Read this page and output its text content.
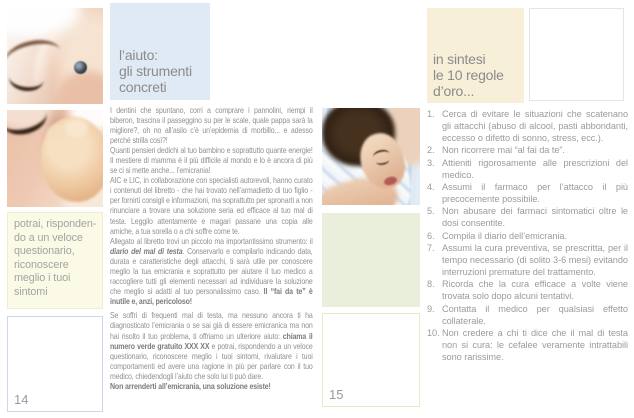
potrai, risponden-
do a un veloce
questionario,
riconoscere
meglio i tuoi
sintomi
14
l’aiuto:
gli strumenti
concreti
I dentini che spuntano, corri a comprare i pannolini, riempi il biberon, trascina il passeggino su per le scale, quale pappa sarà la migliore?, oh no all’asilo c’è un’epidemia di morbillo... e adesso perché strilla così?!
Quanti pensieri dedichi al tuo bambino e soprattutto quante energie! Il mestiere di mamma è il più difficile al mondo e lo è ancora di più se ci si mette anche... l’emicrania!
AIC e LIC, in collaborazione con specialisti autorevoli, hanno curato i contenuti del libretto - che hai trovato nell’armadietto di tuo figlio - per fornirti consigli e informazioni, ma soprattutto per spronarti a non rinunciare a trovare una soluzione seria ed efficace al tuo mal di testa. Leggilo attentamente e magari passane una copia alle amiche, a tua sorella o a chi soffre come te.
Allegato al libretto trovi un piccolo ma importantissimo strumento: il diario del mal di testa. Conservarlo e compilarlo indicando data, durata e caratteristiche degli attacchi, ti sarà utile per conoscere meglio la tua emicrania e soprattutto per aiutare il tuo medico a raccogliere tutti gli elementi necessari ad individuare la soluzione che meglio si adatti al tuo personalissimo caso. Il “fai da te” è inutile e, anzi, pericoloso!
Se soffri di frequenti mal di testa, ma nessuno ancora ti ha diagnosticato l’emicrania o se sai già di essere emicranica ma non hai risolto il tuo problema, ti offriamo un ulteriore aiuto: chiama il numero verde gratuito XXX XX e potrai, rispondendo a un veloce questionario, riconoscere meglio i tuoi sintomi, rivalutare i tuoi comportamenti ed avere una ragione in più per parlare con il tuo medico, chiedendogli l’aiuto che solo lui ti può dare.
Non arrenderti all’emicrania, una soluzione esiste!
in sintesi
le 10 regole
d’oro...
15
1. Cerca di evitare le situazioni che scatenano gli attacchi (abuso di alcool, pasti abbondanti, eccesso o difetto di sonno, stress, ecc.).
2. Non ricorrere mai “al fai da te”.
3. Attieniti rigorosamente alle prescrizioni del medico.
4. Assumi il farmaco per l’attacco il più precocemente possibile.
5. Non abusare dei farmaci sintomatici oltre le dosi consentite.
6. Compila il diario dell’emicrania.
7. Assumi la cura preventiva, se prescritta, per il tempo necessario (di solito 3-6 mesi) evitando interruzioni premature del trattamento.
8. Ricorda che la cura efficace a volte viene trovata solo dopo alcuni tentativi.
9. Contatta il medico per qualsiasi effetto collaterale.
10. Non credere a chi ti dice che il mal di testa non si cura: le cefalee veramente intrattabili sono rarissime.
